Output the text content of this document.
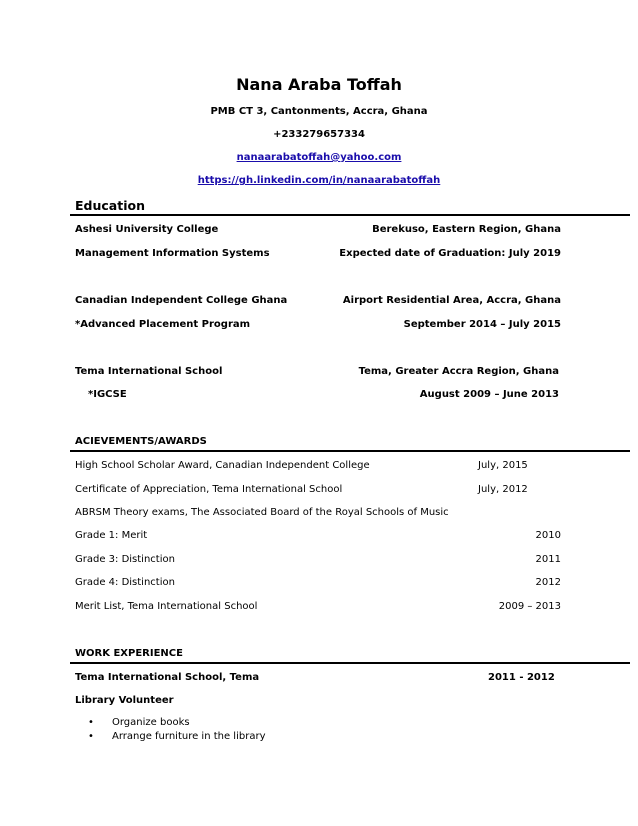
Nana Araba Toffah
PMB CT 3, Cantonments, Accra, Ghana
+233279657334
nanaarabatoffah@yahoo.com
https://gh.linkedin.com/in/nanaarabatoffah
Education
Ashesi University College	Berekuso, Eastern Region, Ghana
Management Information Systems	Expected date of Graduation: July 2019
Canadian Independent College Ghana	Airport Residential Area, Accra, Ghana
*Advanced Placement Program	September 2014 – July 2015
Tema International School	Tema, Greater Accra Region, Ghana
*IGCSE	August 2009 – June 2013
ACIEVEMENTS/AWARDS
High School Scholar Award, Canadian Independent College	July, 2015
Certificate of Appreciation, Tema International School	July, 2012
ABRSM Theory exams, The Associated Board of the Royal Schools of Music
Grade 1: Merit	2010
Grade 3: Distinction	2011
Grade 4: Distinction	2012
Merit List, Tema International School	2009 – 2013
WORK EXPERIENCE
Tema International School, Tema	2011 - 2012
Library Volunteer
• Organize books
• Arrange furniture in the library
